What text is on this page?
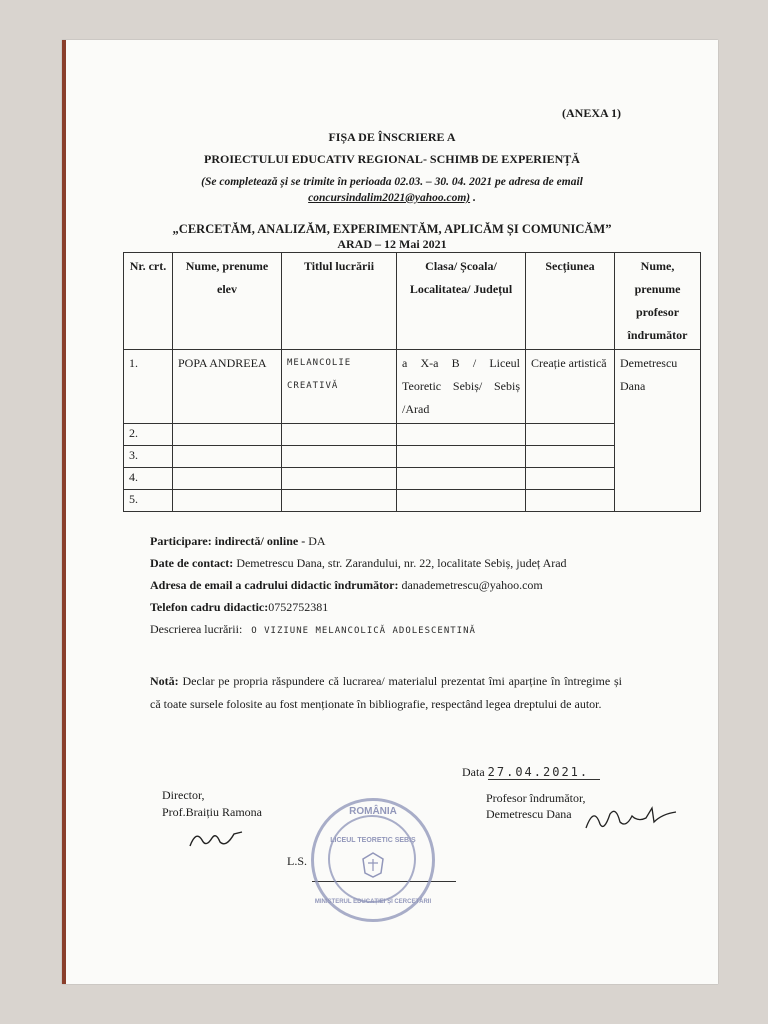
(ANEXA 1)
FIȘA DE ÎNSCRIERE A
PROIECTULUI EDUCATIV REGIONAL- SCHIMB DE EXPERIENȚĂ
(Se completează și se trimite în perioada 02.03. – 30. 04. 2021 pe adresa de email
concursindalim2021@yahoo.com) .
„CERCETĂM, ANALIZĂM, EXPERIMENTĂM, APLICĂM ȘI COMUNICĂM”
ARAD – 12 Mai 2021
Nr. crt.	Nume, prenume elev	Titlul lucrării	Clasa/ Școala/ Localitatea/ Județul	Secțiunea	Nume, prenume profesor îndrumător
1.	POPA ANDREEA	MELANCOLIE CREATIVĂ	a X-a B / Liceul Teoretic Sebiș/ Sebiș /Arad	Creație artistică	Demetrescu Dana
2.					
3.					
4.					
5.					
Participare: indirectă/ online - DA
Date de contact: Demetrescu Dana, str. Zarandului, nr. 22, localitate Sebiș, județ Arad
Adresa de email a cadrului didactic îndrumător: danademetrescu@yahoo.com
Telefon cadru didactic:0752752381
Descrierea lucrării: O VIZIUNE MELANCOLICĂ ADOLESCENTINĂ
Notă: Declar pe propria răspundere că lucrarea/ materialul prezentat îmi aparține în întregime și că toate sursele folosite au fost menționate în bibliografie, respectând legea dreptului de autor.
Data 27.04.2021.
Director,
Prof.Braițiu Ramona
L.S.
Profesor îndrumător,
Demetrescu Dana
ROMÂNIA
LICEUL TEORETIC SEBIȘ
MINISTERUL EDUCAȚIEI ȘI CERCETĂRII
